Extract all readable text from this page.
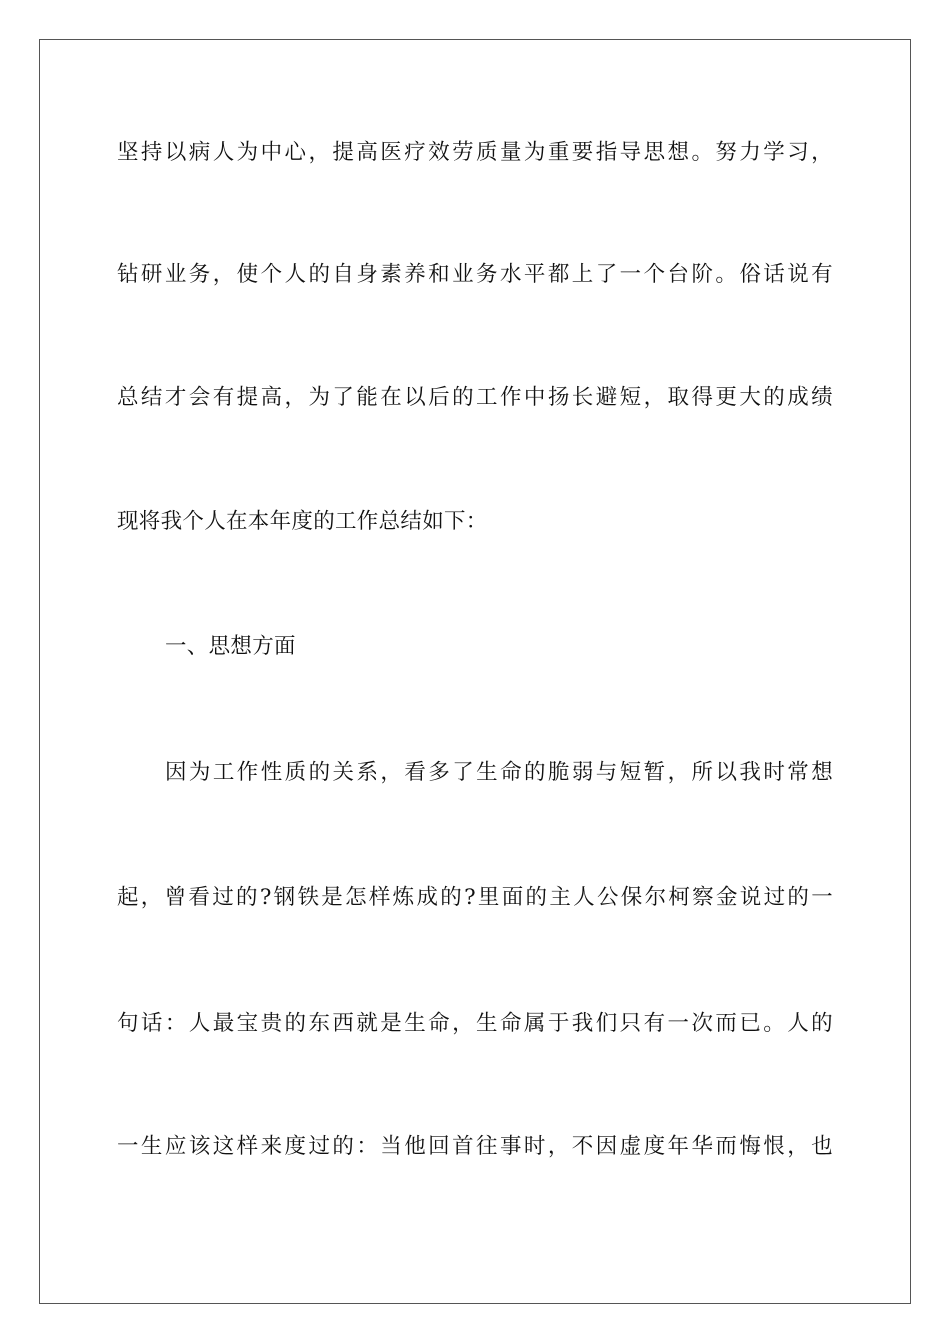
坚持以病人为中心，提高医疗效劳质量为重要指导思想。努力学习，
钻研业务，使个人的自身素养和业务水平都上了一个台阶。俗话说有
总结才会有提高，为了能在以后的工作中扬长避短，取得更大的成绩
现将我个人在本年度的工作总结如下：
一、思想方面
因为工作性质的关系，看多了生命的脆弱与短暂，所以我时常想
起，曾看过的?钢铁是怎样炼成的?里面的主人公保尔柯察金说过的一
句话：人最宝贵的东西就是生命，生命属于我们只有一次而已。人的
一生应该这样来度过的：当他回首往事时，不因虚度年华而悔恨，也
